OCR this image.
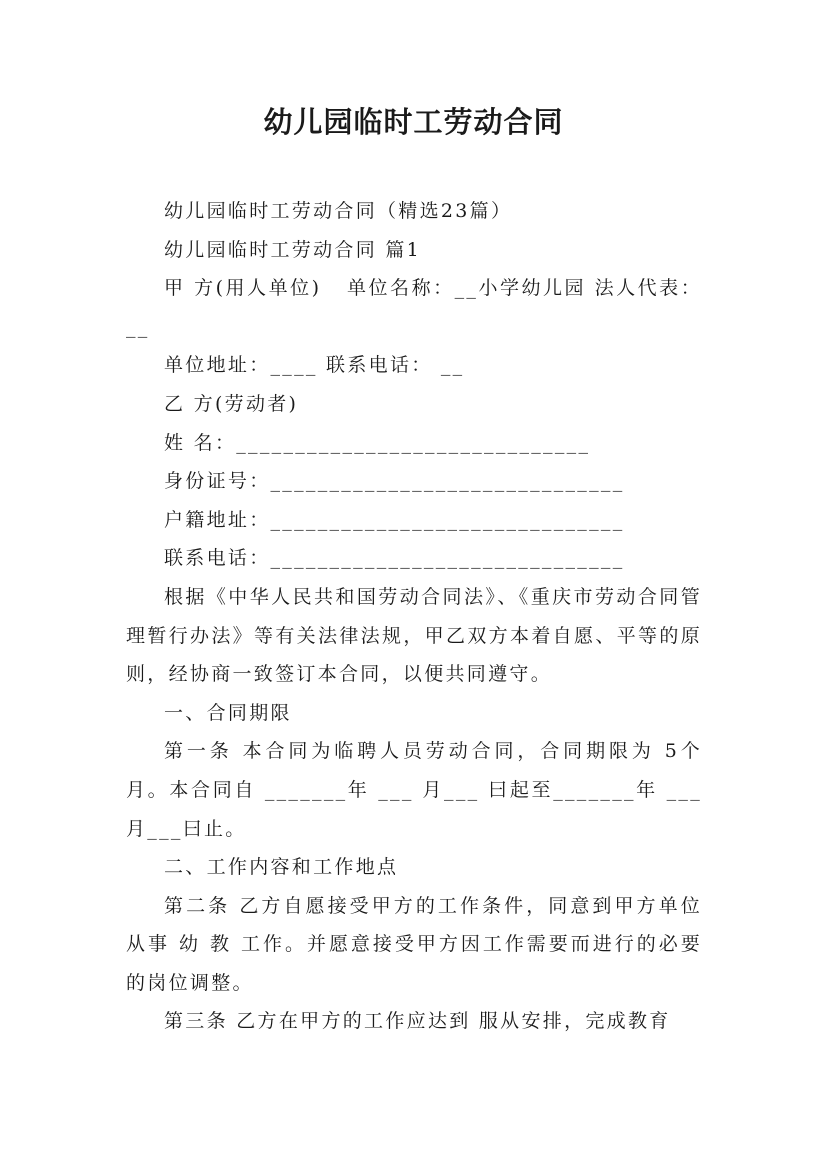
幼儿园临时工劳动合同

幼儿园临时工劳动合同（精选23篇）

幼儿园临时工劳动合同 篇1

甲 方(用人单位)   单位名称：__小学幼儿园 法人代表： __

单位地址：____ 联系电话： __

乙 方(劳动者)

姓 名：______________________________

身份证号：______________________________

户籍地址：______________________________

联系电话：______________________________

根据《中华人民共和国劳动合同法》、《重庆市劳动合同管理暂行办法》等有关法律法规，甲乙双方本着自愿、平等的原则，经协商一致签订本合同，以便共同遵守。

一、合同期限

第一条 本合同为临聘人员劳动合同，合同期限为 5个月。本合同自 _______年 ___ 月___ 曰起至_______年 ___月___曰止。

二、工作内容和工作地点

第二条 乙方自愿接受甲方的工作条件，同意到甲方单位从事 幼 教 工作。并愿意接受甲方因工作需要而进行的必要的岗位调整。

第三条 乙方在甲方的工作应达到 服从安排，完成教育
